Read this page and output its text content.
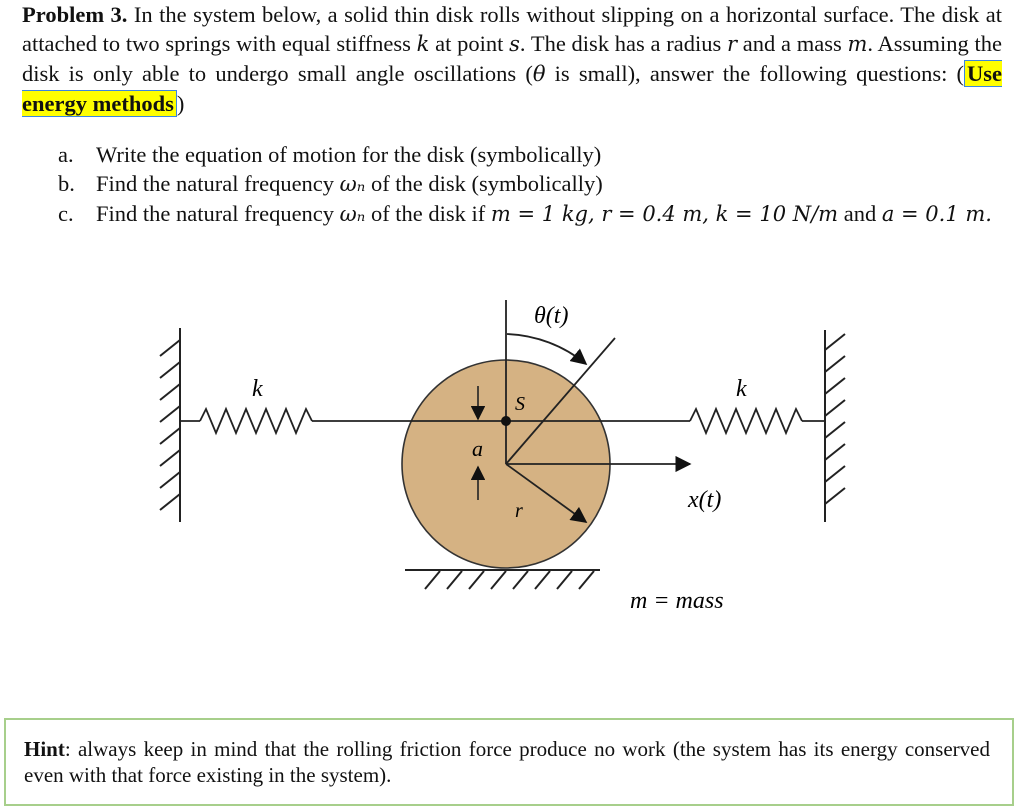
Problem 3. In the system below, a solid thin disk rolls without slipping on a horizontal surface. The disk at attached to two springs with equal stiffness k at point s. The disk has a radius r and a mass m. Assuming the disk is only able to undergo small angle oscillations (θ is small), answer the following questions: ( Use energy methods )
a. Write the equation of motion for the disk (symbolically)
b. Find the natural frequency ωₙ of the disk (symbolically)
c. Find the natural frequency ωₙ of the disk if m = 1 kg, r = 0.4 m, k = 10 N/m and a = 0.1 m.
θ(t)
k	k
S
a
r	x(t)
m = mass
Hint: always keep in mind that the rolling friction force produce no work (the system has its energy conserved even with that force existing in the system).
